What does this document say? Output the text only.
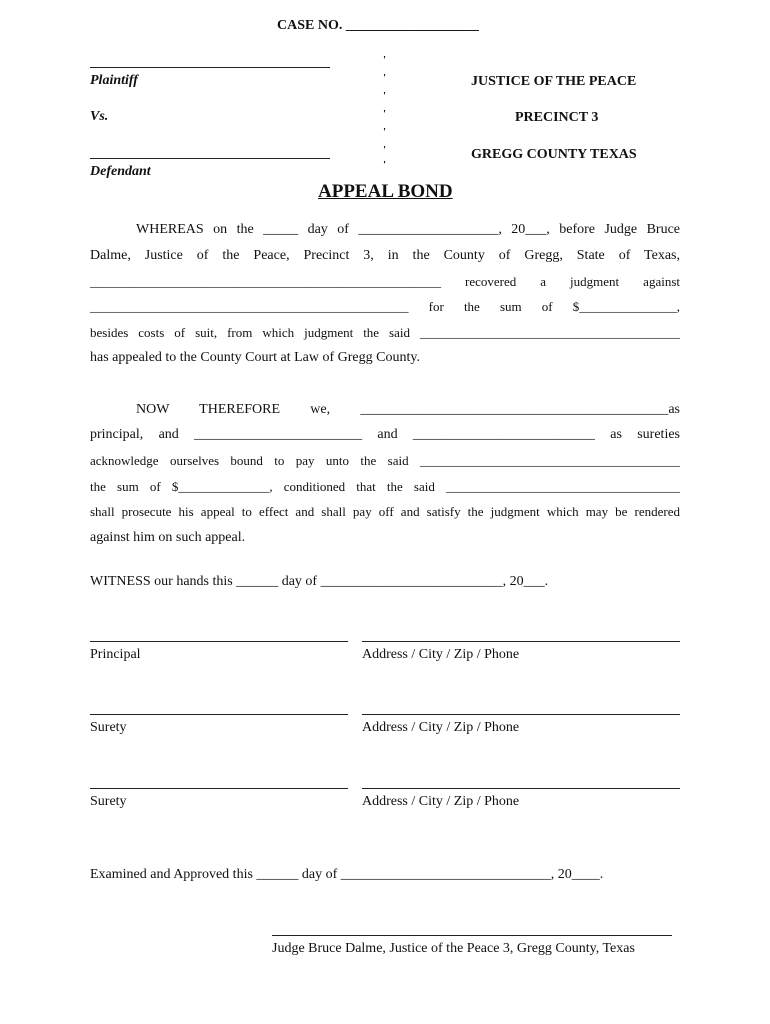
CASE NO. ___________________
Plaintiff
Vs.
Defendant
'
'
'
'
'
'
'
JUSTICE OF THE PEACE
PRECINCT 3
GREGG COUNTY TEXAS
APPEAL BOND
WHEREAS on the _____ day of ____________________, 20___, before Judge Bruce
Dalme, Justice of the Peace, Precinct 3, in the County of Gregg, State of Texas,
______________________________________________________ recovered a judgment against
_________________________________________________ for the sum of $_______________,
besides costs of suit, from which judgment the said ________________________________________
has appealed to the County Court at Law of Gregg County.
NOW THEREFORE we, ____________________________________________as
principal, and ________________________ and __________________________ as sureties
acknowledge ourselves bound to pay unto the said ________________________________________
the sum of $______________, conditioned that the said ____________________________________
shall prosecute his appeal to effect and shall pay off and satisfy the judgment which may be rendered
against him on such appeal.
WITNESS our hands this ______ day of __________________________, 20___.
Principal	Address / City / Zip / Phone
Surety	Address / City / Zip / Phone
Surety	Address / City / Zip / Phone
Examined and Approved this ______ day of ______________________________, 20____.
Judge Bruce Dalme, Justice of the Peace 3, Gregg County, Texas
